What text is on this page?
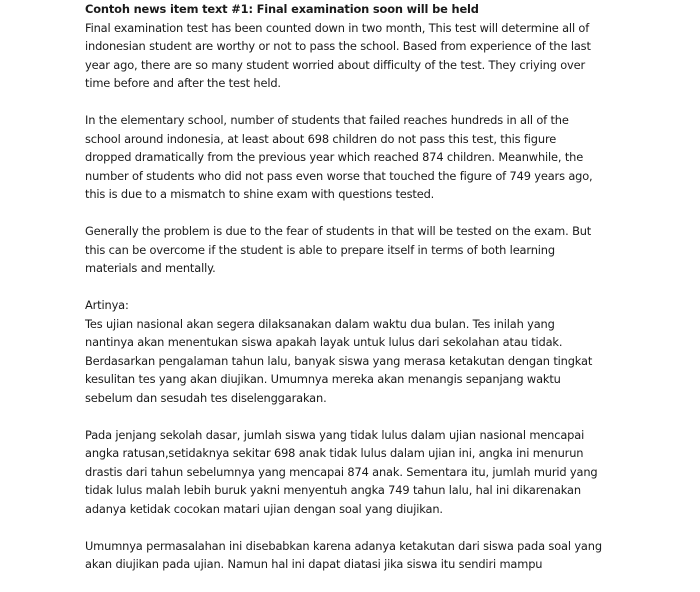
Contoh news item text #1: Final examination soon will be held
Final examination test has been counted down in two month, This test will determine all of
indonesian student are worthy or not to pass the school. Based from experience of the last
year ago, there are so many student worried about difficulty of the test. They criying over
time before and after the test held.
In the elementary school, number of students that failed reaches hundreds in all of the
school around indonesia, at least about 698 children do not pass this test, this figure
dropped dramatically from the previous year which reached 874 children. Meanwhile, the
number of students who did not pass even worse that touched the figure of 749 years ago,
this is due to a mismatch to shine exam with questions tested.
Generally the problem is due to the fear of students in that will be tested on the exam. But
this can be overcome if the student is able to prepare itself in terms of both learning
materials and mentally.
Artinya:
Tes ujian nasional akan segera dilaksanakan dalam waktu dua bulan. Tes inilah yang
nantinya akan menentukan siswa apakah layak untuk lulus dari sekolahan atau tidak.
Berdasarkan pengalaman tahun lalu, banyak siswa yang merasa ketakutan dengan tingkat
kesulitan tes yang akan diujikan. Umumnya mereka akan menangis sepanjang waktu
sebelum dan sesudah tes diselenggarakan.
Pada jenjang sekolah dasar, jumlah siswa yang tidak lulus dalam ujian nasional mencapai
angka ratusan,setidaknya sekitar 698 anak tidak lulus dalam ujian ini, angka ini menurun
drastis dari tahun sebelumnya yang mencapai 874 anak. Sementara itu, jumlah murid yang
tidak lulus malah lebih buruk yakni menyentuh angka 749 tahun lalu, hal ini dikarenakan
adanya ketidak cocokan matari ujian dengan soal yang diujikan.
Umumnya permasalahan ini disebabkan karena adanya ketakutan dari siswa pada soal yang
akan diujikan pada ujian. Namun hal ini dapat diatasi jika siswa itu sendiri mampu
